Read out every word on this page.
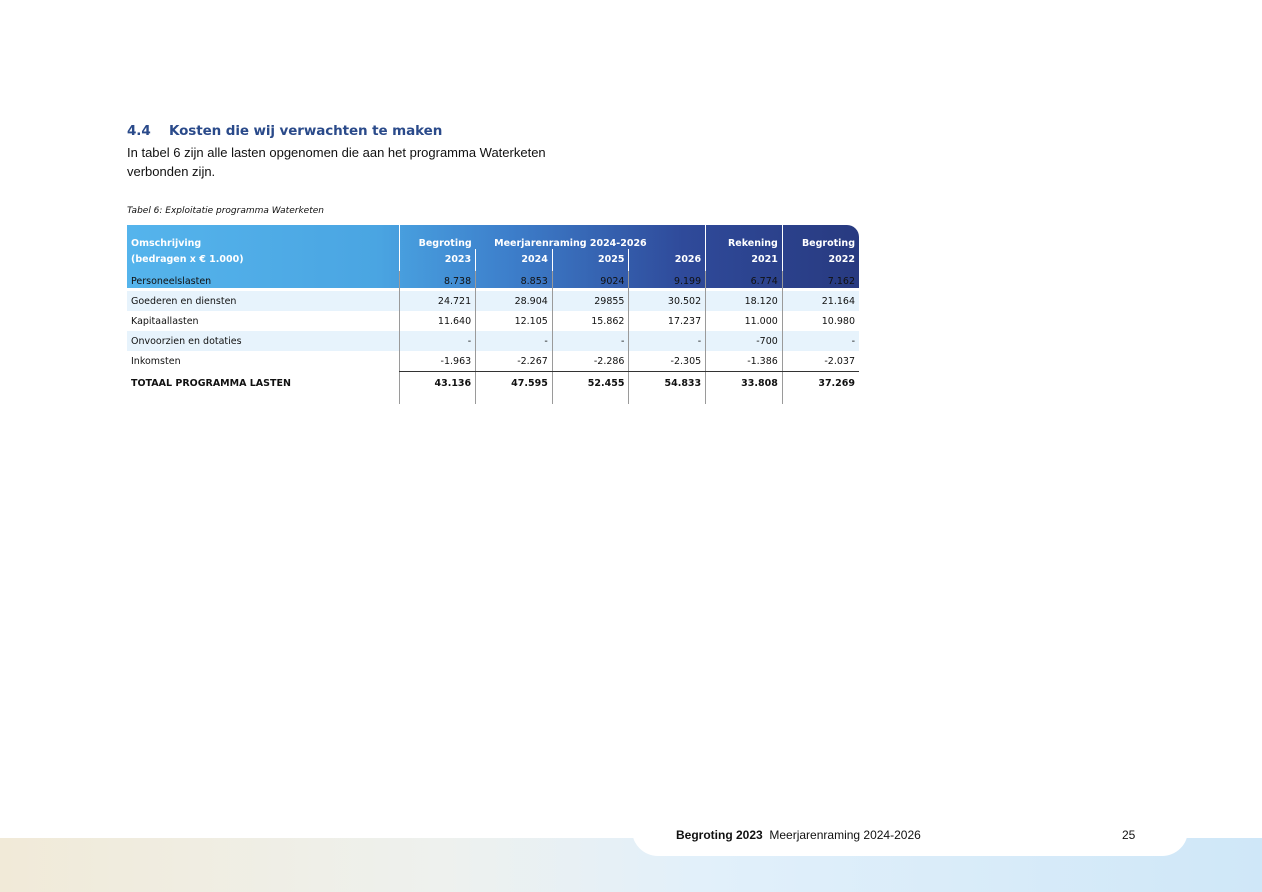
4.4 Kosten die wij verwachten te maken

In tabel 6 zijn alle lasten opgenomen die aan het programma Waterketen verbonden zijn.

Tabel 6: Exploitatie programma Waterketen

Omschrijving	Begroting	Meerjarenraming 2024-2026			Rekening	Begroting
(bedragen x € 1.000)	2023	2024	2025	2026	2021	2022
Personeelslasten	8.738	8.853	9024	9.199	6.774	7.162
Goederen en diensten	24.721	28.904	29855	30.502	18.120	21.164
Kapitaallasten	11.640	12.105	15.862	17.237	11.000	10.980
Onvoorzien en dotaties	-	-	-	-	-700	-
Inkomsten	-1.963	-2.267	-2.286	-2.305	-1.386	-2.037
TOTAAL PROGRAMMA LASTEN	43.136	47.595	52.455	54.833	33.808	37.269

Begroting 2023 Meerjarenraming 2024-2026	25
